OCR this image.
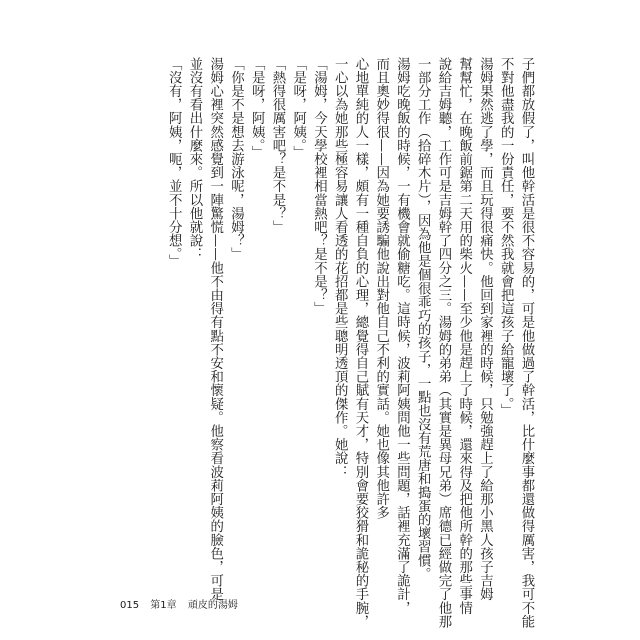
子們都放假了，叫他幹活是很不容易的，可是他做過了幹活，比什麼事都還做得厲害，我可不能
不對他盡我的一份責任，要不然我就會把這孩子給寵壞了。」
湯姆果然逃了學，而且玩得很痛快。他回到家裡的時候，只勉強趕上了給那小黑人孩子吉姆
幫幫忙，在晚飯前鋸第二天用的柴火——至少他是趕上了時候，還來得及把他所幹的那些事情
說給吉姆聽，工作可是吉姆幹了四分之三。湯姆的弟弟（其實是異母兄弟）席德已經做完了他那
一部分工作（拾碎木片），因為他是個很乖巧的孩子，一點也沒有荒唐和搗蛋的壞習慣。
湯姆吃晚飯的時候，一有機會就偷糖吃。這時候，波莉阿姨問他一些問題，話裡充滿了詭計，
而且奧妙得很——因為她要誘騙他說出對他自己不利的實話。她也像其他許多
心地單純的人一樣，頗有一種自負的心理，總覺得自己賦有天才，特別會要狡猾和詭秘的手腕，
一心以為她那些極容易讓人看透的花招都是些聰明透頂的傑作。她說：
「湯姆，今天學校裡相當熱吧？是不是？」
「是呀，阿姨。」
「熱得很厲害吧？是不是？」
「是呀，阿姨。」
「你是不是想去游泳呢，湯姆？」
湯姆心裡突然感覺到一陣驚慌——他不由得有點不安和懷疑。他察看波莉阿姨的臉色，可是
並沒有看出什麼來。所以他就說：
「沒有，阿姨，呃，並不十分想。」
015 第1章 頑皮的湯姆
